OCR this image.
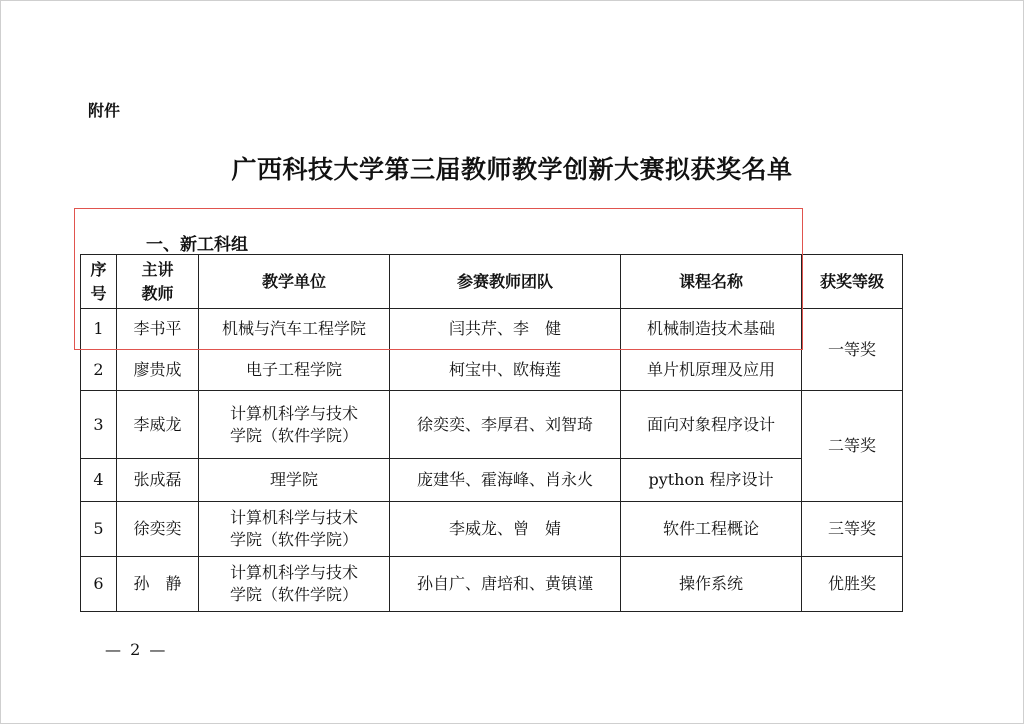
附件
广西科技大学第三届教师教学创新大赛拟获奖名单
一、新工科组
序
号	主讲
教师	教学单位	参赛教师团队	课程名称	获奖等级
1	李书平	机械与汽车工程学院	闫共芹、李　健	机械制造技术基础	一等奖
2	廖贵成	电子工程学院	柯宝中、欧梅莲	单片机原理及应用	
3	李威龙	计算机科学与技术
学院（软件学院）	徐奕奕、李厚君、刘智琦	面向对象程序设计	二等奖
4	张成磊	理学院	庞建华、霍海峰、肖永火	python 程序设计	
5	徐奕奕	计算机科学与技术
学院（软件学院）	李威龙、曾　婧	软件工程概论	三等奖
6	孙　静	计算机科学与技术
学院（软件学院）	孙自广、唐培和、黄镇谨	操作系统	优胜奖
— 2 —
